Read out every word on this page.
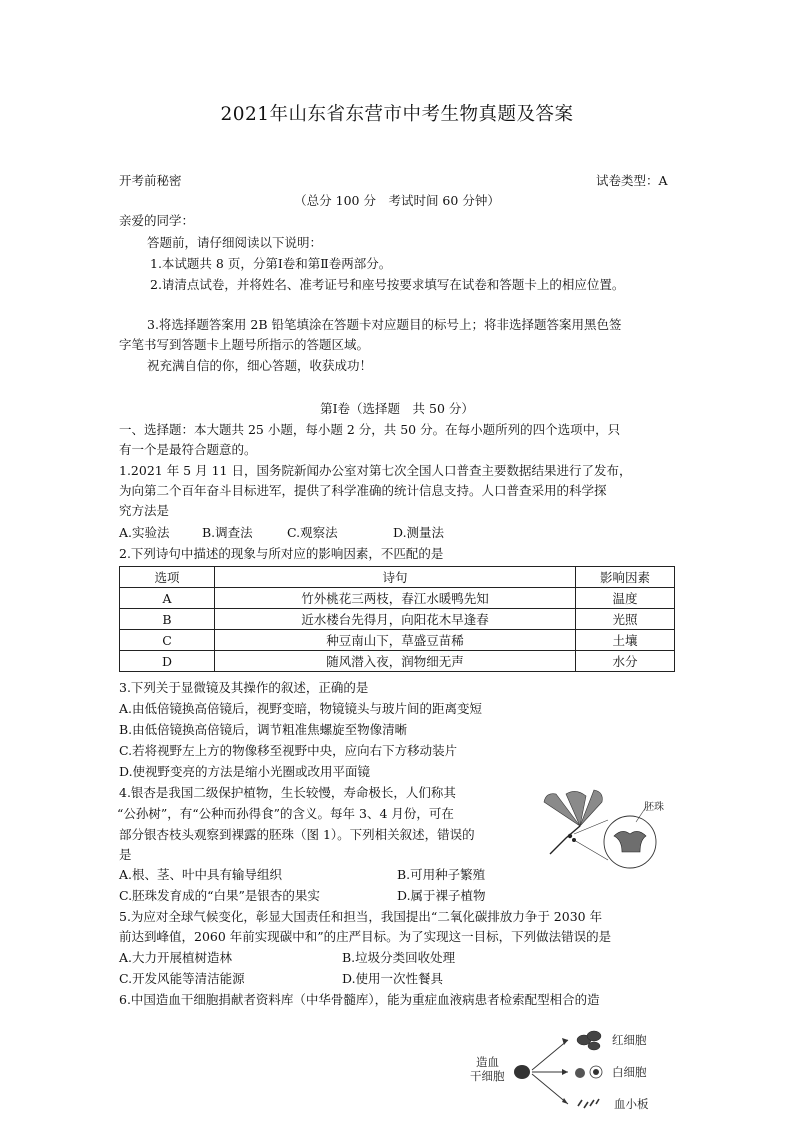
2021年山东省东营市中考生物真题及答案
开考前秘密	试卷类型：A
（总分 100 分　考试时间 60 分钟）
亲爱的同学：
答题前，请仔细阅读以下说明：
1.本试题共 8 页，分第Ⅰ卷和第Ⅱ卷两部分。
2.请清点试卷，并将姓名、准考证号和座号按要求填写在试卷和答题卡上的相应位置。
3.将选择题答案用 2B 铅笔填涂在答题卡对应题目的标号上；将非选择题答案用黑色签
字笔书写到答题卡上题号所指示的答题区域。
祝充满自信的你，细心答题，收获成功！
第Ⅰ卷（选择题　共 50 分）
一、选择题：本大题共 25 小题，每小题 2 分，共 50 分。在每小题所列的四个选项中，只
有一个是最符合题意的。
1.2021 年 5 月 11 日，国务院新闻办公室对第七次全国人口普查主要数据结果进行了发布，
为向第二个百年奋斗目标进军，提供了科学准确的统计信息支持。人口普查采用的科学探
究方法是
A.实验法	B.调查法	C.观察法	D.测量法
2.下列诗句中描述的现象与所对应的影响因素，不匹配的是
选项	诗句	影响因素
A	竹外桃花三两枝，春江水暖鸭先知	温度
B	近水楼台先得月，向阳花木早逢春	光照
C	种豆南山下，草盛豆苗稀	土壤
D	随风潜入夜，润物细无声	水分
3.下列关于显微镜及其操作的叙述，正确的是
A.由低倍镜换高倍镜后，视野变暗，物镜镜头与玻片间的距离变短
B.由低倍镜换高倍镜后，调节粗准焦螺旋至物像清晰
C.若将视野左上方的物像移至视野中央，应向右下方移动装片
D.使视野变亮的方法是缩小光圈或改用平面镜
4.银杏是我国二级保护植物，生长较慢，寿命极长，人们称其
“公孙树”，有“公种而孙得食”的含义。每年 3、4 月份，可在
部分银杏枝头观察到裸露的胚珠（图 1）。下列相关叙述，错误的
是
胚珠
A.根、茎、叶中具有输导组织	B.可用种子繁殖
C.胚珠发育成的“白果”是银杏的果实	D.属于裸子植物
5.为应对全球气候变化，彰显大国责任和担当，我国提出“二氧化碳排放力争于 2030 年
前达到峰值，2060 年前实现碳中和”的庄严目标。为了实现这一目标，下列做法错误的是
A.大力开展植树造林	B.垃圾分类回收处理
C.开发风能等清洁能源	D.使用一次性餐具
6.中国造血干细胞捐献者资料库（中华骨髓库），能为重症血液病患者检索配型相合的造
造血
干细胞
红细胞
白细胞
血小板
